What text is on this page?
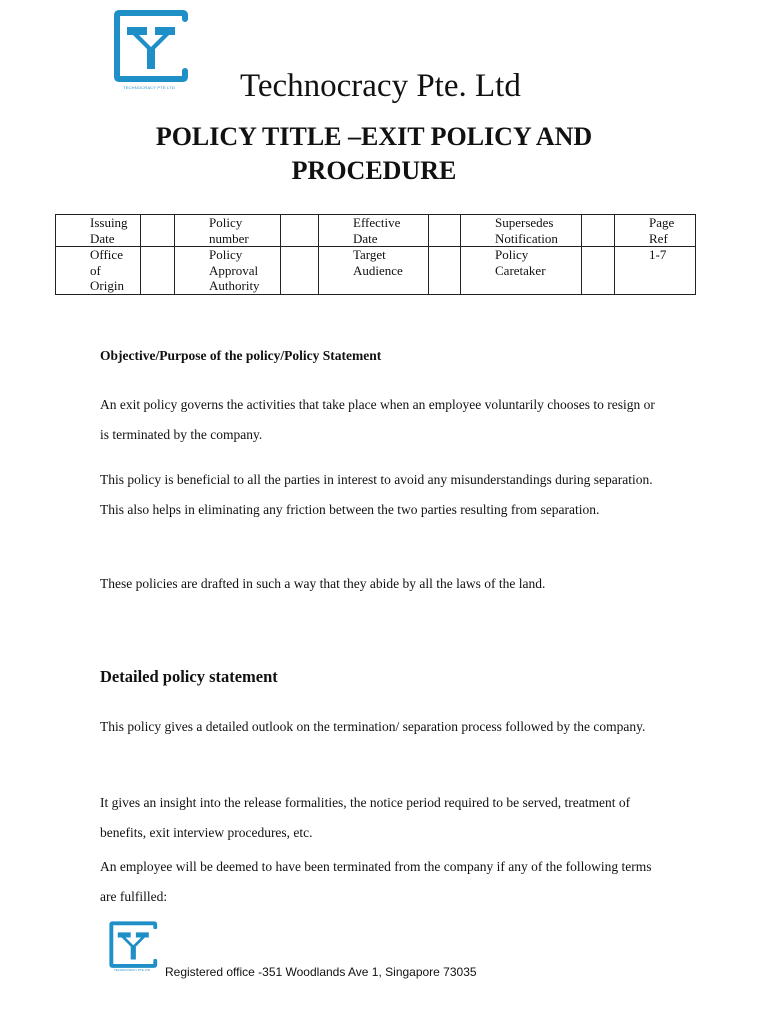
TECHNOCRACY PTE LTD	Technocracy Pte. Ltd
POLICY TITLE –EXIT POLICY AND
PROCEDURE
Issuing Date		Policy number		Effective Date		Supersedes Notification		Page Ref
Office of Origin		Policy Approval Authority		Target Audience		Policy Caretaker		1-7
Objective/Purpose of the policy/Policy Statement
An exit policy governs the activities that take place when an employee voluntarily chooses to resign or is terminated by the company.
This policy is beneficial to all the parties in interest to avoid any misunderstandings during separation. This also helps in eliminating any friction between the two parties resulting from separation.
These policies are drafted in such a way that they abide by all the laws of the land.
Detailed policy statement
This policy gives a detailed outlook on the termination/ separation process followed by the company.
It gives an insight into the release formalities, the notice period required to be served, treatment of benefits, exit interview procedures, etc.
An employee will be deemed to have been terminated from the company if any of the following terms are fulfilled:
TECHNOCRACY PTE LTD	Registered office -351 Woodlands Ave 1, Singapore 73035
